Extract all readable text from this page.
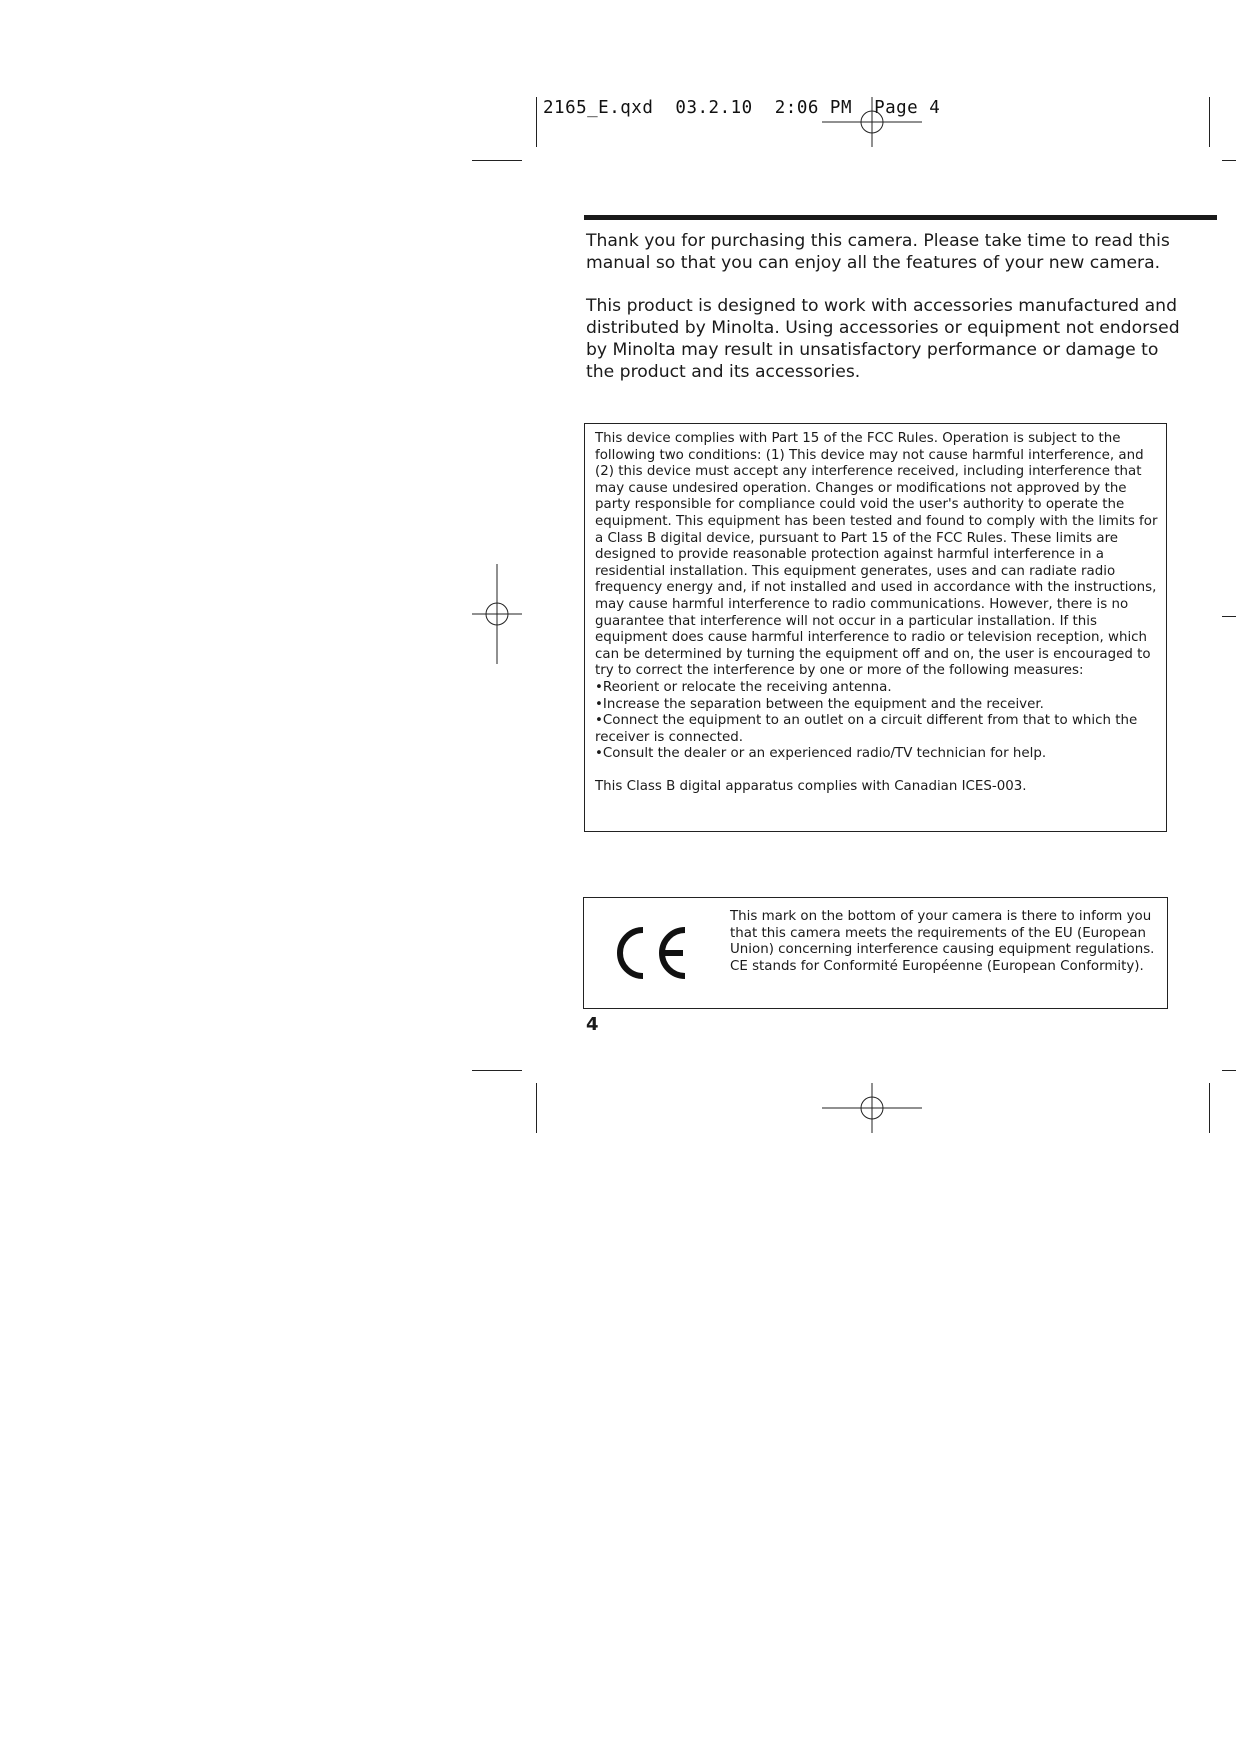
2165_E.qxd  03.2.10  2:06 PM  Page 4

Thank you for purchasing this camera. Please take time to read this manual so that you can enjoy all the features of your new camera.

This product is designed to work with accessories manufactured and distributed by Minolta. Using accessories or equipment not endorsed by Minolta may result in unsatisfactory performance or damage to the product and its accessories.

This device complies with Part 15 of the FCC Rules. Operation is subject to the following two conditions: (1) This device may not cause harmful interference, and (2) this device must accept any interference received, including interference that may cause undesired operation. Changes or modifications not approved by the party responsible for compliance could void the user's authority to operate the equipment. This equipment has been tested and found to comply with the limits for a Class B digital device, pursuant to Part 15 of the FCC Rules. These limits are designed to provide reasonable protection against harmful interference in a residential installation. This equipment generates, uses and can radiate radio frequency energy and, if not installed and used in accordance with the instructions, may cause harmful interference to radio communications. However, there is no guarantee that interference will not occur in a particular installation. If this equipment does cause harmful interference to radio or television reception, which can be determined by turning the equipment off and on, the user is encouraged to try to correct the interference by one or more of the following measures:

•Reorient or relocate the receiving antenna.

•Increase the separation between the equipment and the receiver.

•Connect the equipment to an outlet on a circuit different from that to which the receiver is connected.

•Consult the dealer or an experienced radio/TV technician for help.

This Class B digital apparatus complies with Canadian ICES-003.

This mark on the bottom of your camera is there to inform you that this camera meets the requirements of the EU (European Union) concerning interference causing equipment regulations. CE stands for Conformité Européenne (European Conformity).

4
